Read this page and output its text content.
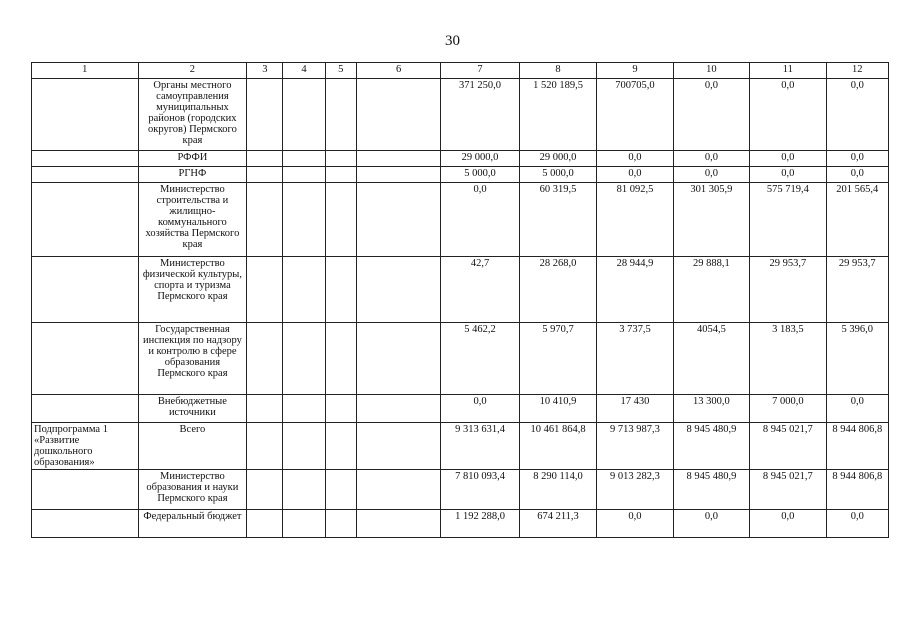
30
1	2	3	4	5	6	7	8	9	10	11	12
	Органы местного самоуправления муниципальных районов (городских округов) Пермского края					371 250,0	1 520 189,5	700705,0	0,0	0,0	0,0
	РФФИ					29 000,0	29 000,0	0,0	0,0	0,0	0,0
	РГНФ					5 000,0	5 000,0	0,0	0,0	0,0	0,0
	Министерство строительства и жилищно-коммунального хозяйства Пермского края					0,0	60 319,5	81 092,5	301 305,9	575 719,4	201 565,4
	Министерство физической культуры, спорта и туризма Пермского края					42,7	28 268,0	28 944,9	29 888,1	29 953,7	29 953,7
	Государственная инспекция по надзору и контролю в сфере образования Пермского края					5 462,2	5 970,7	3 737,5	4054,5	3 183,5	5 396,0
	Внебюджетные источники					0,0	10 410,9	17 430	13 300,0	7 000,0	0,0
Подпрограмма 1 «Развитие дошкольного образования»	Всего					9 313 631,4	10 461 864,8	9 713 987,3	8 945 480,9	8 945 021,7	8 944 806,8
	Министерство образования и науки Пермского края					7 810 093,4	8 290 114,0	9 013 282,3	8 945 480,9	8 945 021,7	8 944 806,8
	Федеральный бюджет					1 192 288,0	674 211,3	0,0	0,0	0,0	0,0
